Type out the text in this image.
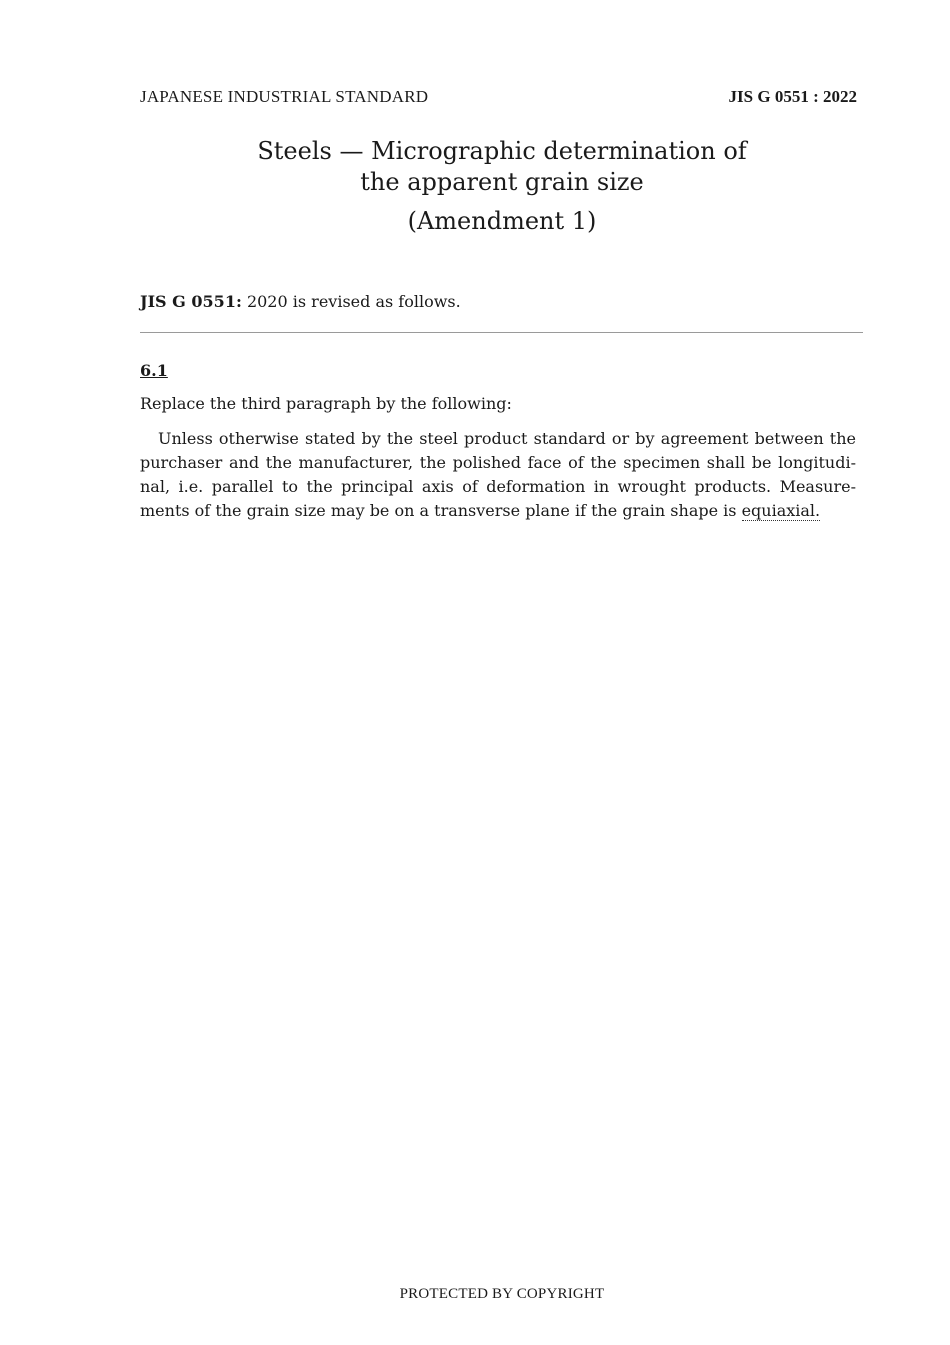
JAPANESE INDUSTRIAL STANDARD	JIS G 0551 : 2022
Steels — Micrographic determination of
the apparent grain size
(Amendment 1)
JIS G 0551: 2020 is revised as follows.
6.1
Replace the third paragraph by the following:
Unless otherwise stated by the steel product standard or by agreement between the
purchaser and the manufacturer, the polished face of the specimen shall be longitudi-
nal, i.e. parallel to the principal axis of deformation in wrought products. Measure-
ments of the grain size may be on a transverse plane if the grain shape is equiaxial.
PROTECTED BY COPYRIGHT
